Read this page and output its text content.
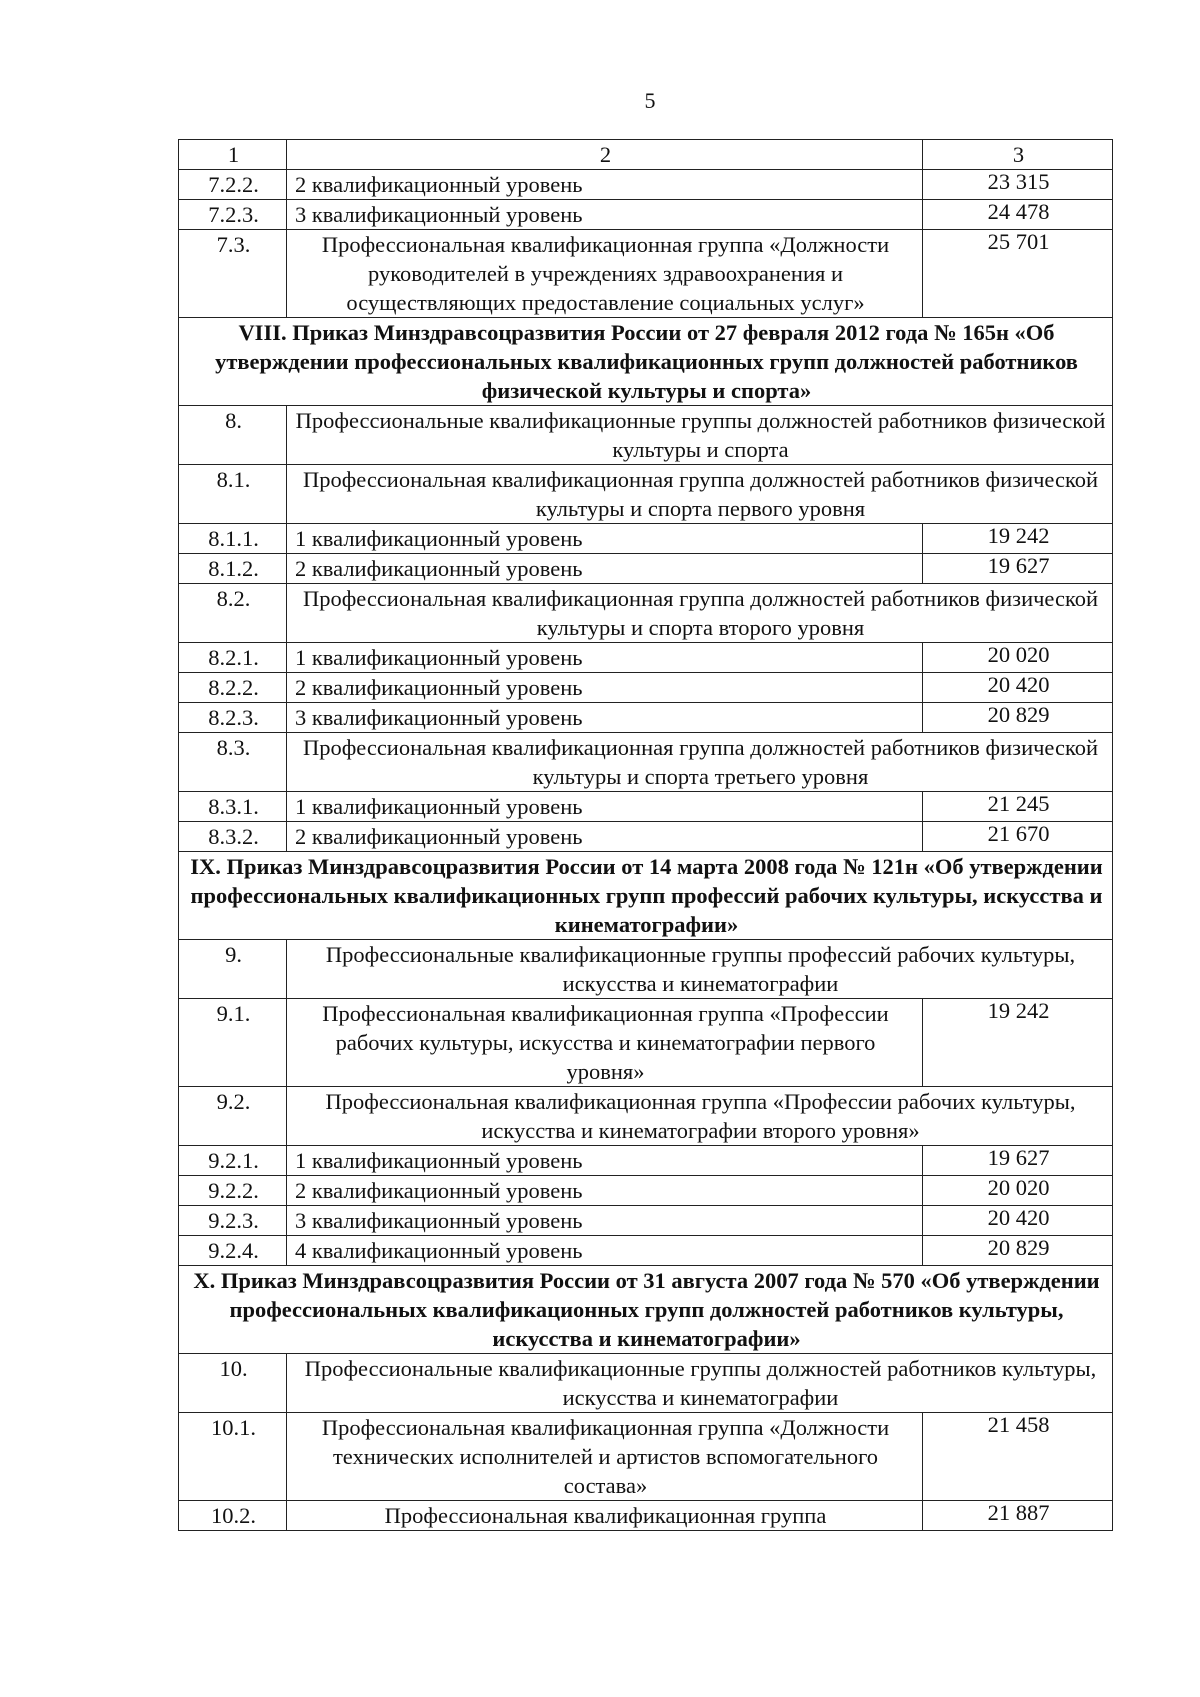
5
1	2	3
7.2.2.	2 квалификационный уровень	23 315
7.2.3.	3 квалификационный уровень	24 478
7.3.	Профессиональная квалификационная группа «Должности руководителей в учреждениях здравоохранения и осуществляющих предоставление социальных услуг»	25 701
VIII. Приказ Минздравсоцразвития России от 27 февраля 2012 года № 165н «Об утверждении профессиональных квалификационных групп должностей работников физической культуры и спорта»		
8.	Профессиональные квалификационные группы должностей работников физической культуры и спорта	
8.1.	Профессиональная квалификационная группа должностей работников физической культуры и спорта первого уровня	
8.1.1.	1 квалификационный уровень	19 242
8.1.2.	2 квалификационный уровень	19 627
8.2.	Профессиональная квалификационная группа должностей работников физической культуры и спорта второго уровня	
8.2.1.	1 квалификационный уровень	20 020
8.2.2.	2 квалификационный уровень	20 420
8.2.3.	3 квалификационный уровень	20 829
8.3.	Профессиональная квалификационная группа должностей работников физической культуры и спорта третьего уровня	
8.3.1.	1 квалификационный уровень	21 245
8.3.2.	2 квалификационный уровень	21 670
IX. Приказ Минздравсоцразвития России от 14 марта 2008 года № 121н «Об утверждении профессиональных квалификационных групп профессий рабочих культуры, искусства и кинематографии»		
9.	Профессиональные квалификационные группы профессий рабочих культуры, искусства и кинематографии	
9.1.	Профессиональная квалификационная группа «Профессии рабочих культуры, искусства и кинематографии первого уровня»	19 242
9.2.	Профессиональная квалификационная группа «Профессии рабочих культуры, искусства и кинематографии второго уровня»	
9.2.1.	1 квалификационный уровень	19 627
9.2.2.	2 квалификационный уровень	20 020
9.2.3.	3 квалификационный уровень	20 420
9.2.4.	4 квалификационный уровень	20 829
X. Приказ Минздравсоцразвития России от 31 августа 2007 года № 570 «Об утверждении профессиональных квалификационных групп должностей работников культуры, искусства и кинематографии»		
10.	Профессиональные квалификационные группы должностей работников культуры, искусства и кинематографии	
10.1.	Профессиональная квалификационная группа «Должности технических исполнителей и артистов вспомогательного состава»	21 458
10.2.	Профессиональная квалификационная группа	21 887
